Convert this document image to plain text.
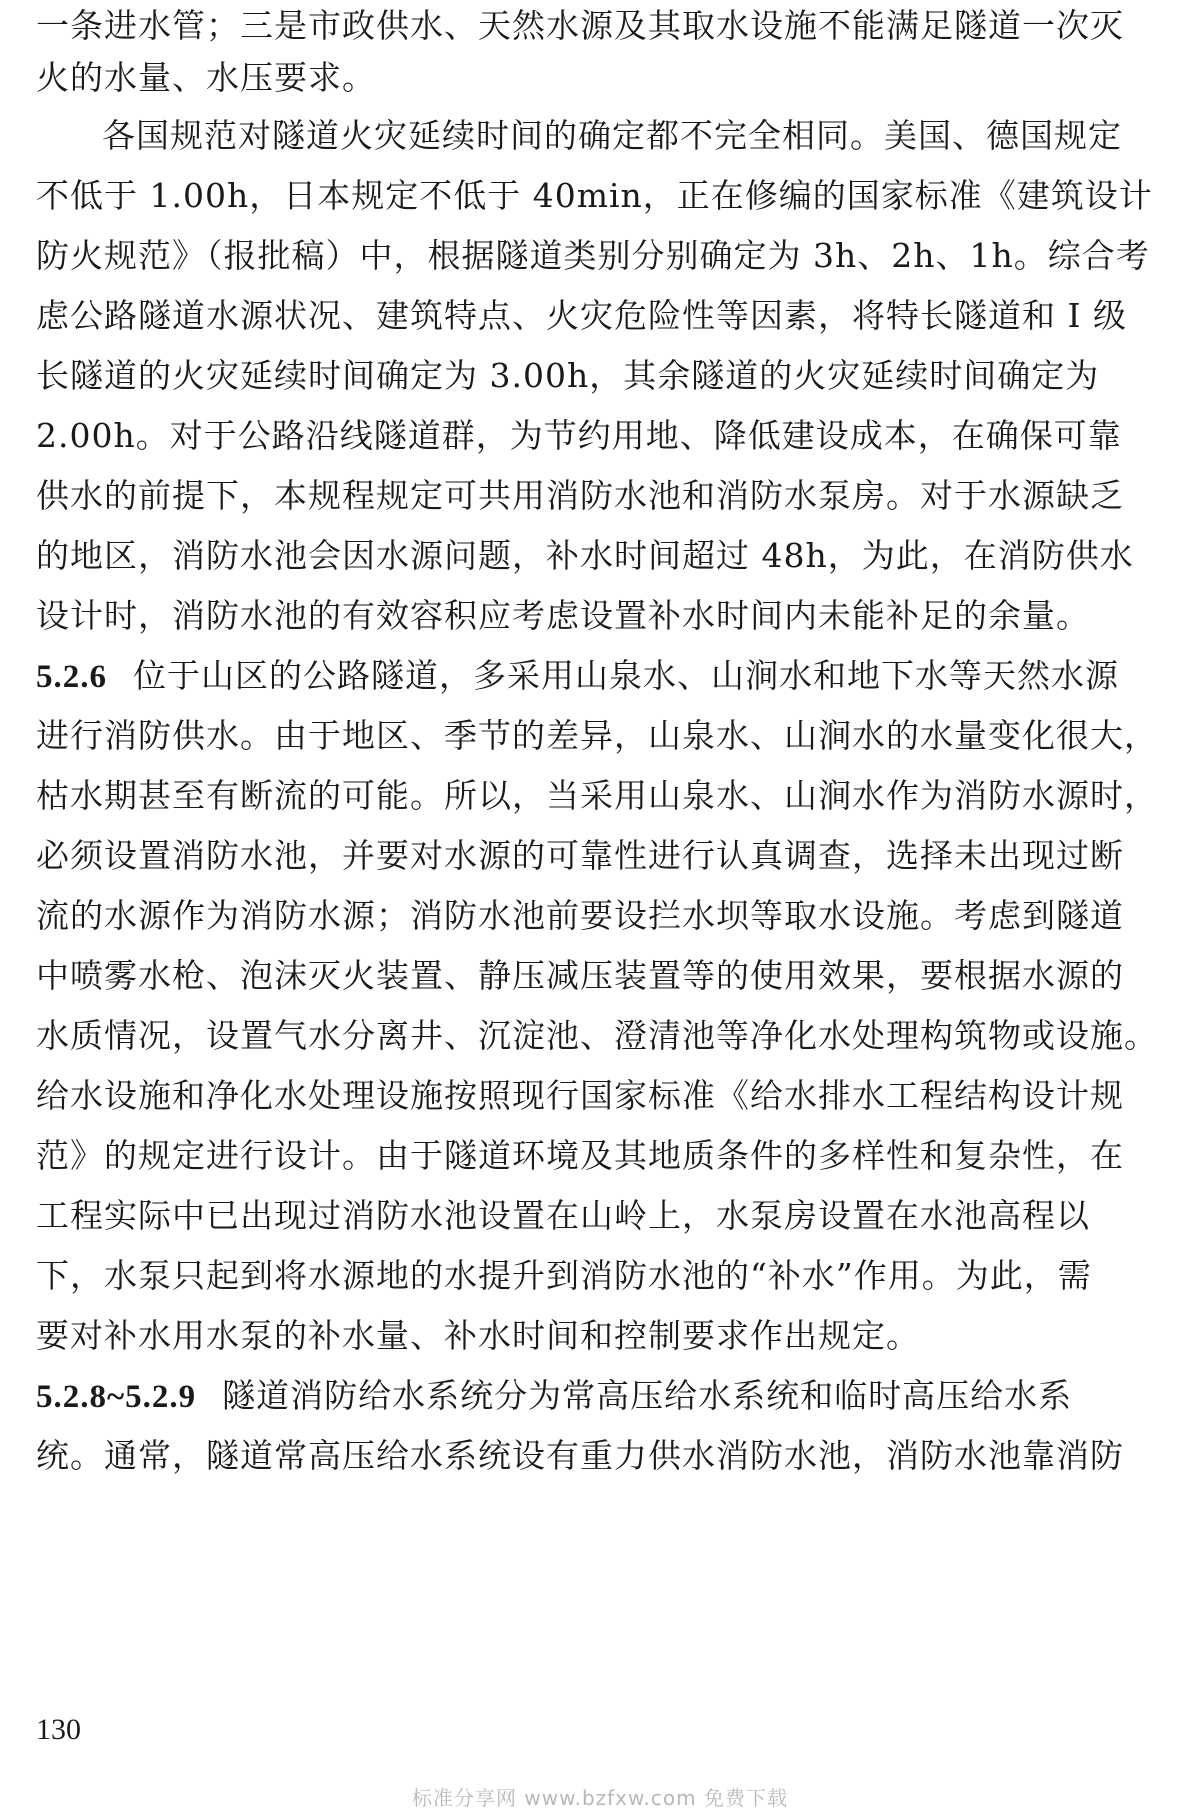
一条进水管；三是市政供水、天然水源及其取水设施不能满足隧道一次灭
火的水量、水压要求。
各国规范对隧道火灾延续时间的确定都不完全相同。美国、德国规定
不低于 1.00h，日本规定不低于 40min，正在修编的国家标准《建筑设计
防火规范》（报批稿）中，根据隧道类别分别确定为 3h、2h、1h。综合考
虑公路隧道水源状况、建筑特点、火灾危险性等因素，将特长隧道和 I 级
长隧道的火灾延续时间确定为 3.00h，其余隧道的火灾延续时间确定为
2.00h。对于公路沿线隧道群，为节约用地、降低建设成本，在确保可靠
供水的前提下，本规程规定可共用消防水池和消防水泵房。对于水源缺乏
的地区，消防水池会因水源问题，补水时间超过 48h，为此，在消防供水
设计时，消防水池的有效容积应考虑设置补水时间内未能补足的余量。
5.2.6 位于山区的公路隧道，多采用山泉水、山涧水和地下水等天然水源
进行消防供水。由于地区、季节的差异，山泉水、山涧水的水量变化很大，
枯水期甚至有断流的可能。所以，当采用山泉水、山涧水作为消防水源时，
必须设置消防水池，并要对水源的可靠性进行认真调查，选择未出现过断
流的水源作为消防水源；消防水池前要设拦水坝等取水设施。考虑到隧道
中喷雾水枪、泡沫灭火装置、静压减压装置等的使用效果，要根据水源的
水质情况，设置气水分离井、沉淀池、澄清池等净化水处理构筑物或设施。
给水设施和净化水处理设施按照现行国家标准《给水排水工程结构设计规
范》的规定进行设计。由于隧道环境及其地质条件的多样性和复杂性，在
工程实际中已出现过消防水池设置在山岭上，水泵房设置在水池高程以
下，水泵只起到将水源地的水提升到消防水池的“补水”作用。为此，需
要对补水用水泵的补水量、补水时间和控制要求作出规定。
5.2.8~5.2.9 隧道消防给水系统分为常高压给水系统和临时高压给水系
统。通常，隧道常高压给水系统设有重力供水消防水池，消防水池靠消防
130
标准分享网 www.bzfxw.com 免费下载
